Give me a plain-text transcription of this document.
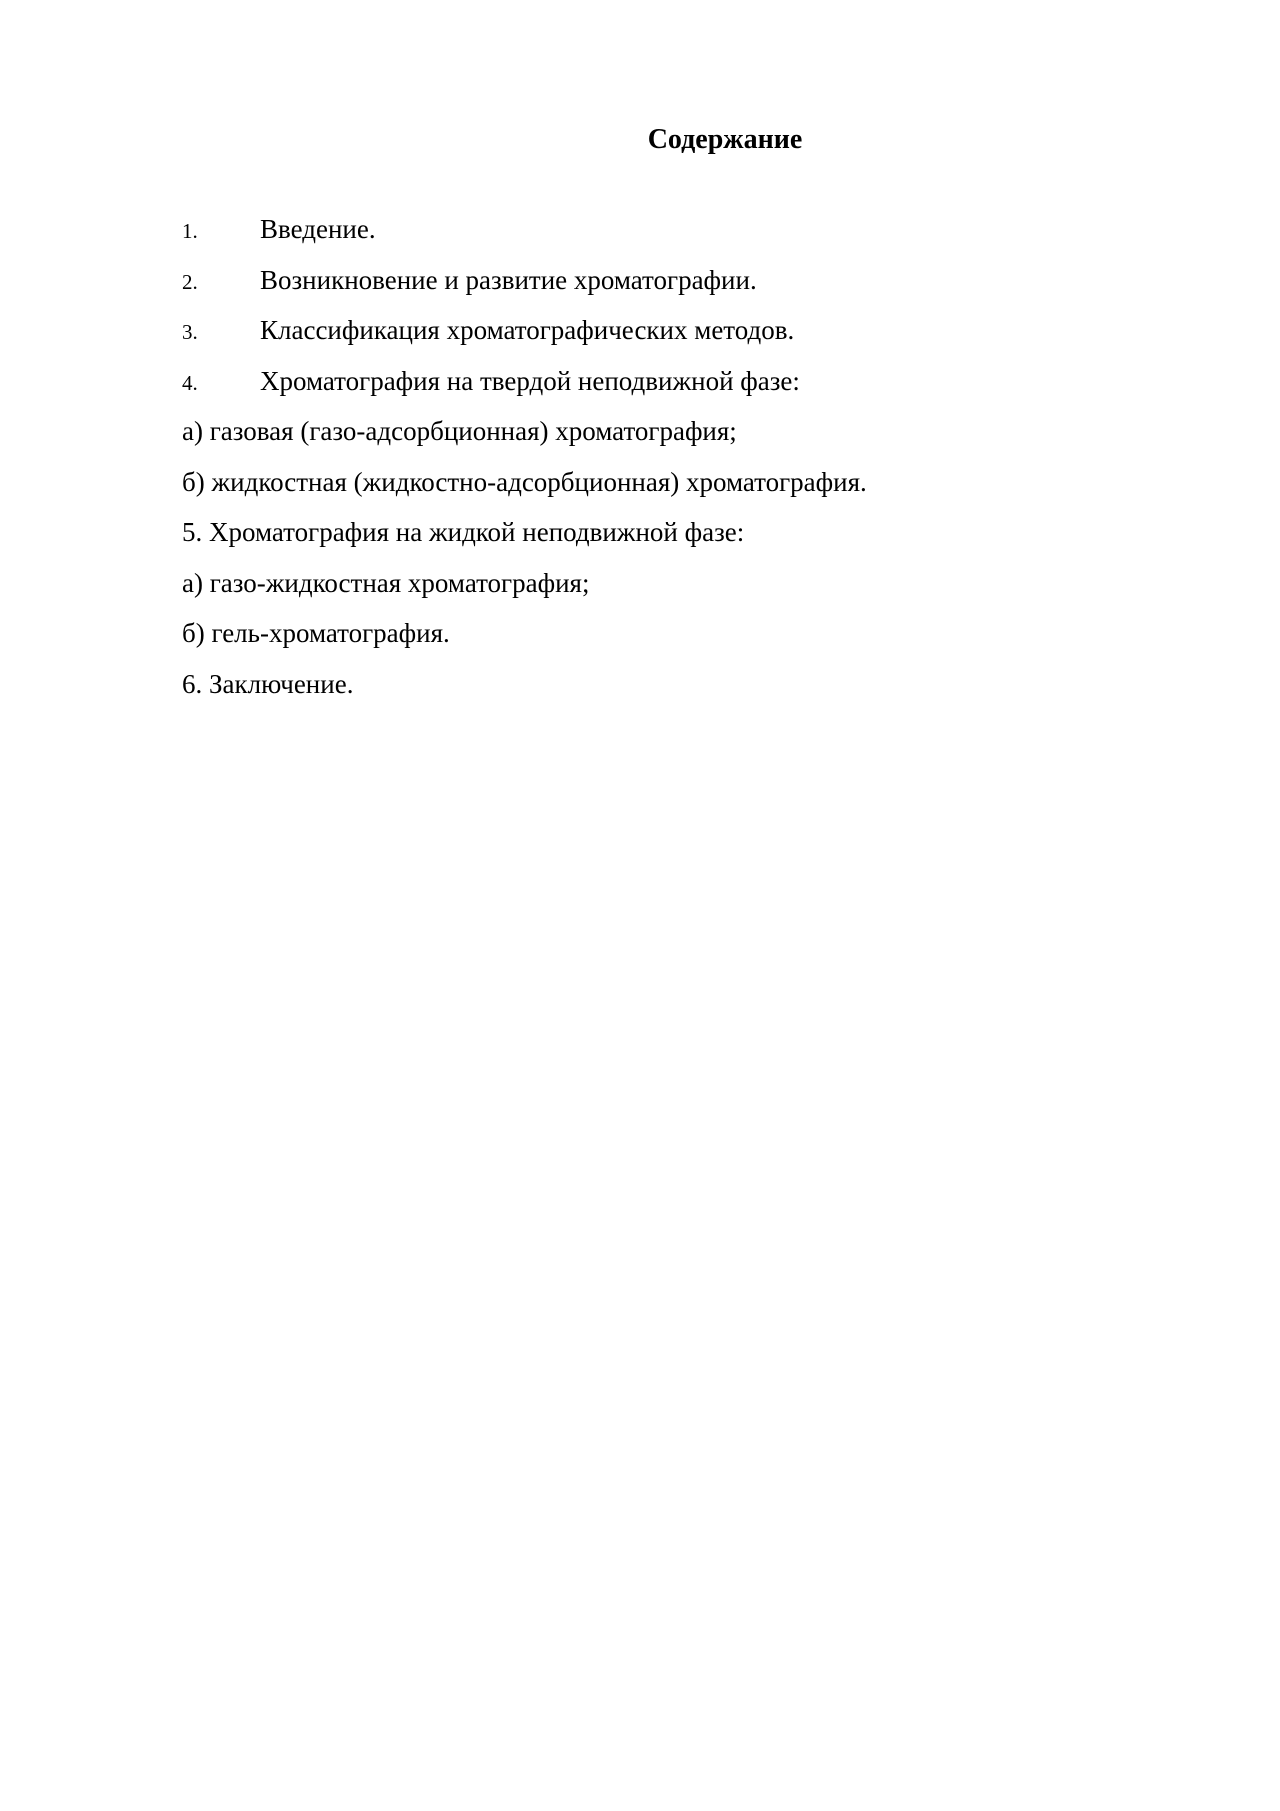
Содержание
1.	Введение.
2.	Возникновение и развитие хроматографии.
3.	Классификация хроматографических методов.
4.	Хроматография на твердой неподвижной фазе:
а) газовая (газо-адсорбционная) хроматография;
б) жидкостная (жидкостно-адсорбционная) хроматография.
5. Хроматография на жидкой неподвижной фазе:
а) газо-жидкостная хроматография;
б) гель-хроматография.
6. Заключение.
